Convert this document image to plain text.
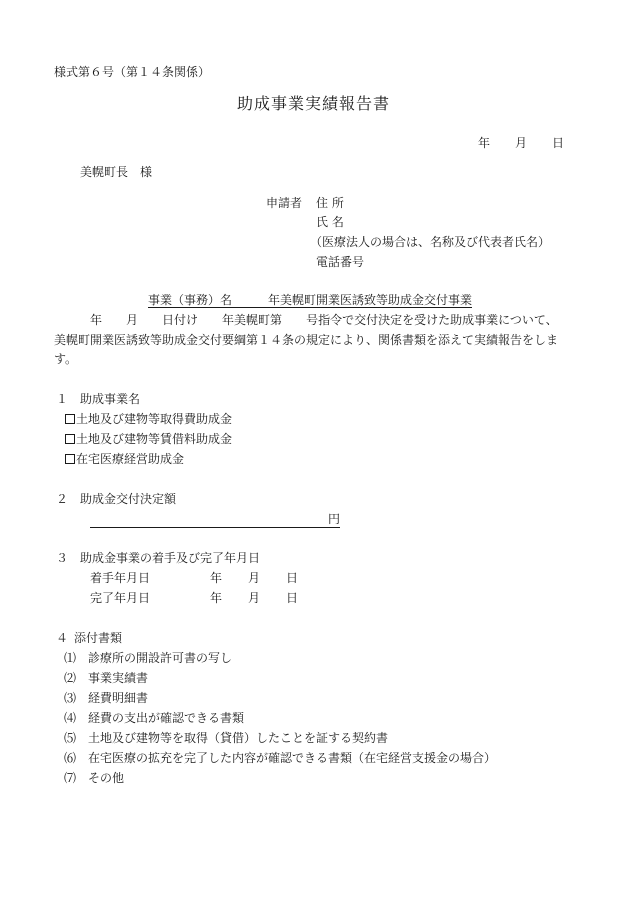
様式第６号（第１４条関係）
助成事業実績報告書
年 月 日
美幌町長　様
申請者 住 所
氏 名
（医療法人の場合は、名称及び代表者氏名）
電話番号
事業（事務）名	年美幌町開業医誘致等助成金交付事業
年 月 日付け 年美幌町第 号指令で交付決定を受けた助成事業について、
美幌町開業医誘致等助成金交付要綱第１４条の規定により、関係書類を添えて実績報告をしま
す。
１ 助成事業名
土地及び建物等取得費助成金
土地及び建物等賃借料助成金
在宅医療経営助成金
２ 助成金交付決定額
円
３ 助成金事業の着手及び完了年月日
着手年月日	年 月 日
完了年月日	年 月 日
４ 添付書類
⑴ 診療所の開設許可書の写し
⑵ 事業実績書
⑶ 経費明細書
⑷ 経費の支出が確認できる書類
⑸ 土地及び建物等を取得（貸借）したことを証する契約書
⑹ 在宅医療の拡充を完了した内容が確認できる書類（在宅経営支援金の場合）
⑺ その他
